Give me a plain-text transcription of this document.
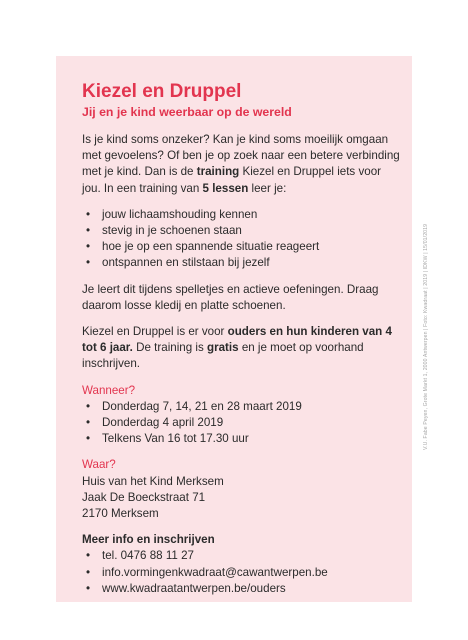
Kiezel en Druppel
Jij en je kind weerbaar op de wereld

Is je kind soms onzeker? Kan je kind soms moeilijk omgaan met gevoelens? Of ben je op zoek naar een betere verbinding met je kind. Dan is de training Kiezel en Druppel iets voor jou. In een training van 5 lessen leer je:

• jouw lichaamshouding kennen
• stevig in je schoenen staan
• hoe je op een spannende situatie reageert
• ontspannen en stilstaan bij jezelf

Je leert dit tijdens spelletjes en actieve oefeningen. Draag daarom losse kledij en platte schoenen.

Kiezel en Druppel is er voor ouders en hun kinderen van 4 tot 6 jaar. De training is gratis en je moet op voorhand inschrijven.

Wanneer?
• Donderdag 7, 14, 21 en 28 maart 2019
• Donderdag 4 april 2019
• Telkens Van 16 tot 17.30 uur
Waar?
Huis van het Kind Merksem
Jaak De Boeckstraat 71
2170 Merksem
Meer info en inschrijven
• tel. 0476 88 11 27
• info.vormingenkwadraat@cawantwerpen.be
• www.kwadraatantwerpen.be/ouders
V.U. Fabe Peyen, Grote Markt 1, 2000 Antwerpen | Foto: Kwadraat | 2019 | IDKW | 15/01/2019
